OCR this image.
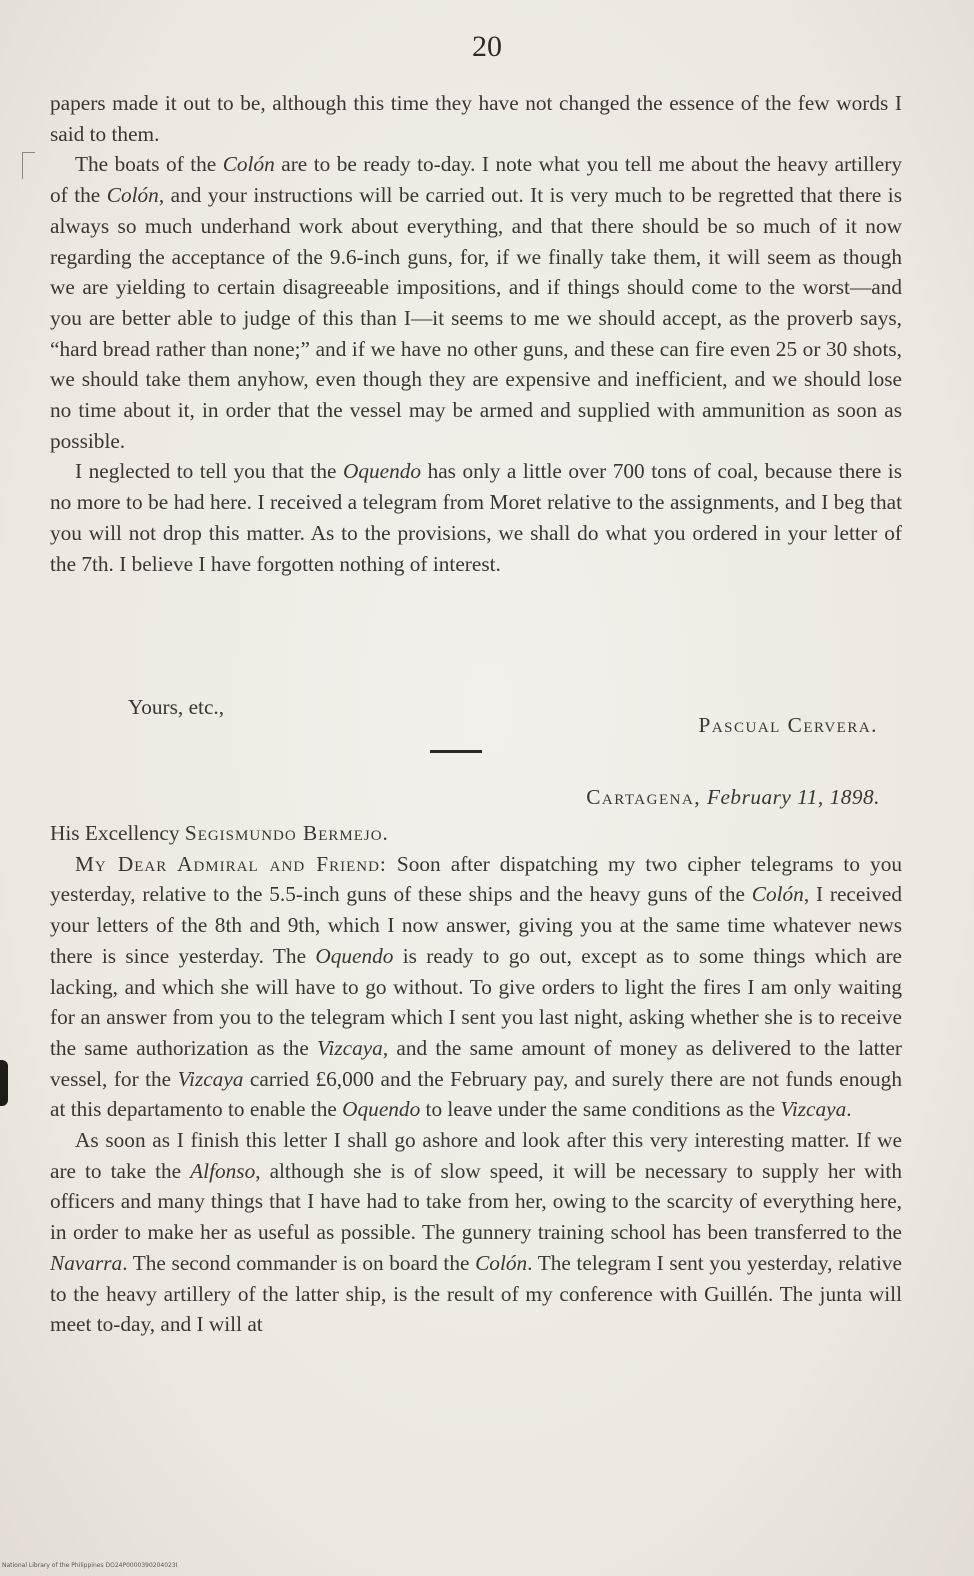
20

papers made it out to be, although this time they have not changed the essence of the few words I said to them.

The boats of the Colón are to be ready to-day. I note what you tell me about the heavy artillery of the Colón, and your instructions will be carried out. It is very much to be regretted that there is always so much underhand work about everything, and that there should be so much of it now regarding the acceptance of the 9.6-inch guns, for, if we finally take them, it will seem as though we are yielding to certain disagreeable impositions, and if things should come to the worst—and you are better able to judge of this than I—it seems to me we should accept, as the proverb says, “hard bread rather than none;” and if we have no other guns, and these can fire even 25 or 30 shots, we should take them anyhow, even though they are expensive and inefficient, and we should lose no time about it, in order that the vessel may be armed and supplied with ammunition as soon as possible.

I neglected to tell you that the Oquendo has only a little over 700 tons of coal, because there is no more to be had here. I received a telegram from Moret relative to the assignments, and I beg that you will not drop this matter. As to the provisions, we shall do what you ordered in your letter of the 7th. I believe I have forgotten nothing of interest.

Yours, etc.,
Pascual Cervera.
Cartagena, February 11, 1898.

His Excellency Segismundo Bermejo.

My Dear Admiral and Friend: Soon after dispatching my two cipher telegrams to you yesterday, relative to the 5.5-inch guns of these ships and the heavy guns of the Colón, I received your letters of the 8th and 9th, which I now answer, giving you at the same time whatever news there is since yesterday. The Oquendo is ready to go out, except as to some things which are lacking, and which she will have to go without. To give orders to light the fires I am only waiting for an answer from you to the telegram which I sent you last night, asking whether she is to receive the same authorization as the Vizcaya, and the same amount of money as delivered to the latter vessel, for the Vizcaya carried £6,000 and the February pay, and surely there are not funds enough at this departamento to enable the Oquendo to leave under the same conditions as the Vizcaya.

As soon as I finish this letter I shall go ashore and look after this very interesting matter. If we are to take the Alfonso, although she is of slow speed, it will be necessary to supply her with officers and many things that I have had to take from her, owing to the scarcity of everything here, in order to make her as useful as possible. The gunnery training school has been transferred to the Navarra. The second commander is on board the Colón. The telegram I sent you yesterday, relative to the heavy artillery of the latter ship, is the result of my conference with Guillén. The junta will meet to-day, and I will at

National Library of the Philippines DO24P0000390204023I
